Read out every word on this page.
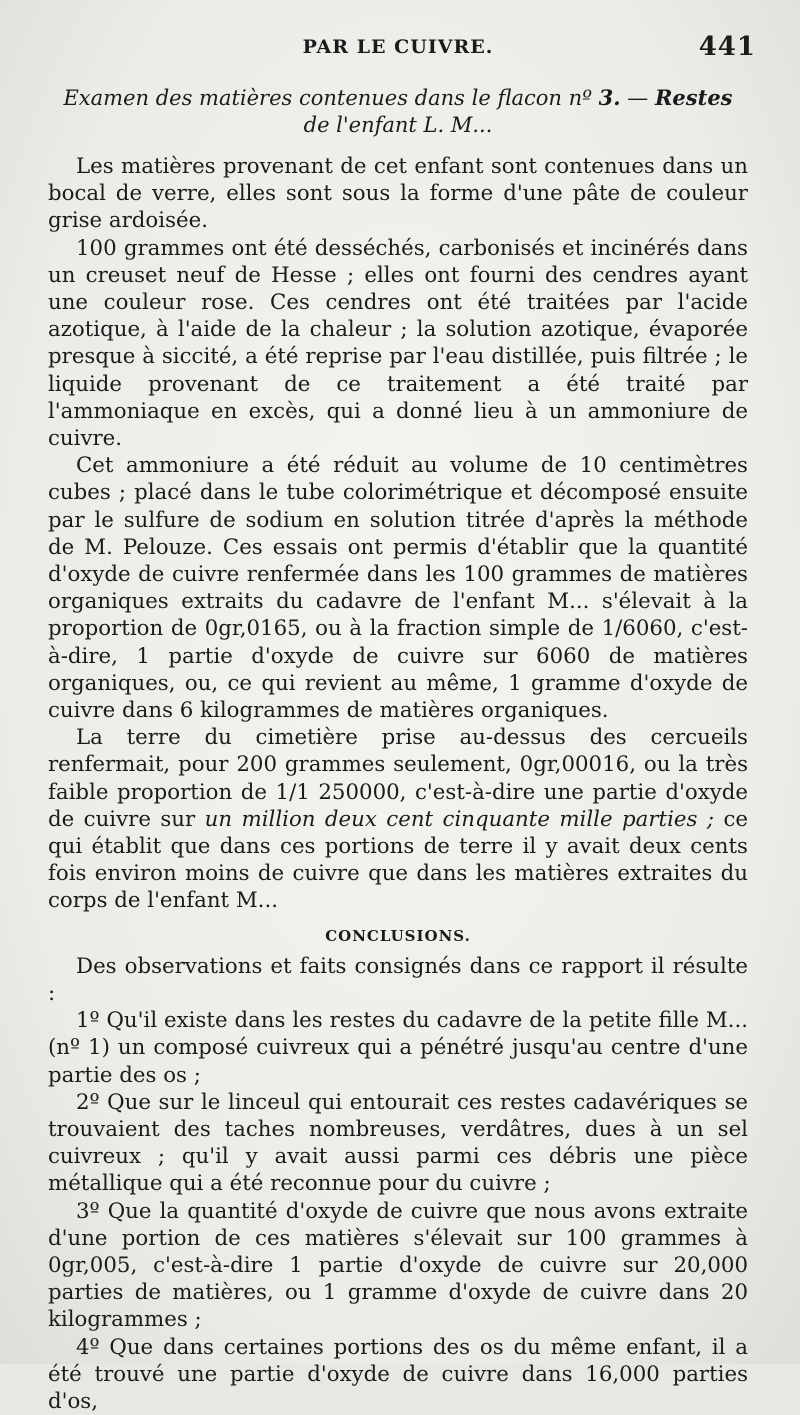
PAR LE CUIVRE.	441
Examen des matières contenues dans le flacon nº 3. — Restes
de l'enfant L. M...

Les matières provenant de cet enfant sont contenues dans un bocal de verre, elles sont sous la forme d'une pâte de couleur grise ardoisée.

100 grammes ont été desséchés, carbonisés et incinérés dans un creuset neuf de Hesse ; elles ont fourni des cendres ayant une couleur rose. Ces cendres ont été traitées par l'acide azotique, à l'aide de la chaleur ; la solution azotique, évaporée presque à siccité, a été reprise par l'eau distillée, puis filtrée ; le liquide provenant de ce traitement a été traité par l'ammoniaque en excès, qui a donné lieu à un ammoniure de cuivre.

Cet ammoniure a été réduit au volume de 10 centimètres cubes ; placé dans le tube colorimétrique et décomposé ensuite par le sulfure de sodium en solution titrée d'après la méthode de M. Pelouze. Ces essais ont permis d'établir que la quantité d'oxyde de cuivre renfermée dans les 100 grammes de matières organiques extraits du cadavre de l'enfant M... s'élevait à la proportion de 0gr,0165, ou à la fraction simple de 1/6060, c'est-à-dire, 1 partie d'oxyde de cuivre sur 6060 de matières organiques, ou, ce qui revient au même, 1 gramme d'oxyde de cuivre dans 6 kilogrammes de matières organiques.

La terre du cimetière prise au-dessus des cercueils renfermait, pour 200 grammes seulement, 0gr,00016, ou la très faible proportion de 1/1 250000, c'est-à-dire une partie d'oxyde de cuivre sur un million deux cent cinquante mille parties ; ce qui établit que dans ces portions de terre il y avait deux cents fois environ moins de cuivre que dans les matières extraites du corps de l'enfant M...

CONCLUSIONS.

Des observations et faits consignés dans ce rapport il résulte :

1º Qu'il existe dans les restes du cadavre de la petite fille M... (nº 1) un composé cuivreux qui a pénétré jusqu'au centre d'une partie des os ;

2º Que sur le linceul qui entourait ces restes cadavériques se trouvaient des taches nombreuses, verdâtres, dues à un sel cuivreux ; qu'il y avait aussi parmi ces débris une pièce métallique qui a été reconnue pour du cuivre ;

3º Que la quantité d'oxyde de cuivre que nous avons extraite d'une portion de ces matières s'élevait sur 100 grammes à 0gr,005, c'est-à-dire 1 partie d'oxyde de cuivre sur 20,000 parties de matières, ou 1 gramme d'oxyde de cuivre dans 20 kilogrammes ;

4º Que dans certaines portions des os du même enfant, il a été trouvé une partie d'oxyde de cuivre dans 16,000 parties d'os,
